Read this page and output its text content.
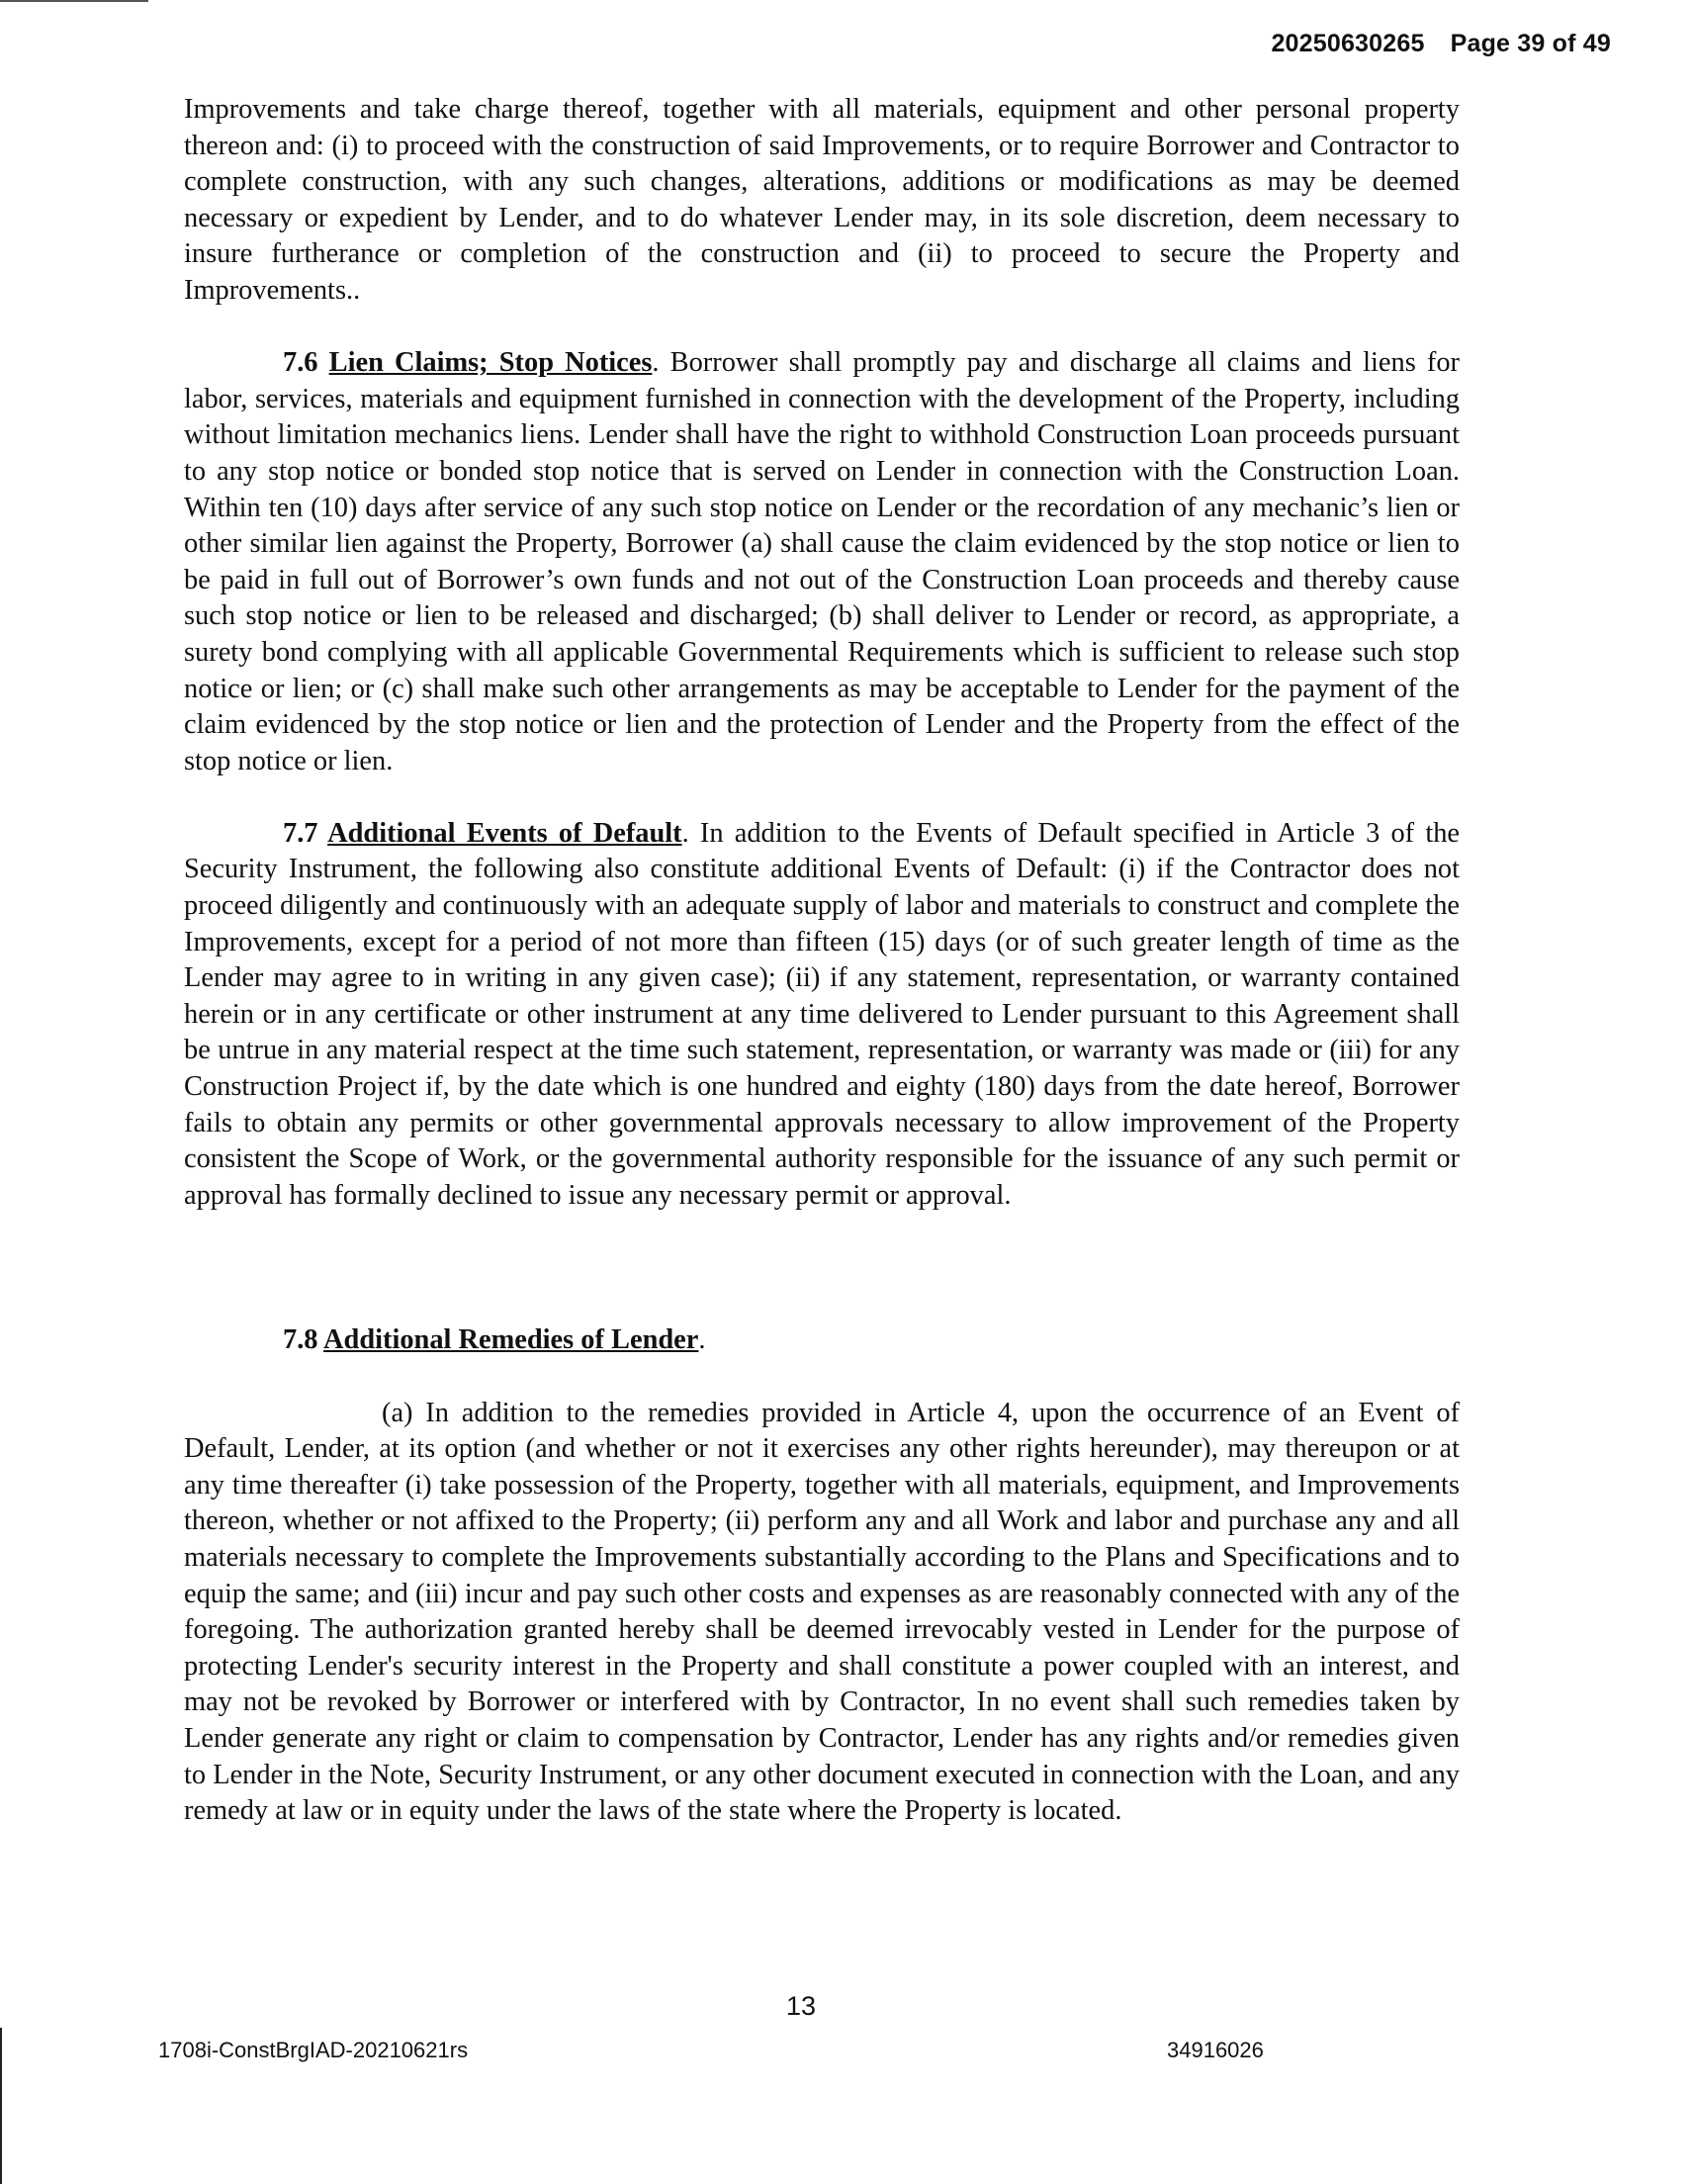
20250630265 Page 39 of 49

Improvements and take charge thereof, together with all materials, equipment and other personal property thereon and: (i) to proceed with the construction of said Improvements, or to require Borrower and Contractor to complete construction, with any such changes, alterations, additions or modifications as may be deemed necessary or expedient by Lender, and to do whatever Lender may, in its sole discretion, deem necessary to insure furtherance or completion of the construction and (ii) to proceed to secure the Property and Improvements..

7.6 Lien Claims; Stop Notices. Borrower shall promptly pay and discharge all claims and liens for labor, services, materials and equipment furnished in connection with the development of the Property, including without limitation mechanics liens. Lender shall have the right to withhold Construction Loan proceeds pursuant to any stop notice or bonded stop notice that is served on Lender in connection with the Construction Loan. Within ten (10) days after service of any such stop notice on Lender or the recordation of any mechanic’s lien or other similar lien against the Property, Borrower (a) shall cause the claim evidenced by the stop notice or lien to be paid in full out of Borrower’s own funds and not out of the Construction Loan proceeds and thereby cause such stop notice or lien to be released and discharged; (b) shall deliver to Lender or record, as appropriate, a surety bond complying with all applicable Governmental Requirements which is sufficient to release such stop notice or lien; or (c) shall make such other arrangements as may be acceptable to Lender for the payment of the claim evidenced by the stop notice or lien and the protection of Lender and the Property from the effect of the stop notice or lien.

7.7 Additional Events of Default. In addition to the Events of Default specified in Article 3 of the Security Instrument, the following also constitute additional Events of Default: (i) if the Contractor does not proceed diligently and continuously with an adequate supply of labor and materials to construct and complete the Improvements, except for a period of not more than fifteen (15) days (or of such greater length of time as the Lender may agree to in writing in any given case); (ii) if any statement, representation, or warranty contained herein or in any certificate or other instrument at any time delivered to Lender pursuant to this Agreement shall be untrue in any material respect at the time such statement, representation, or warranty was made or (iii) for any Construction Project if, by the date which is one hundred and eighty (180) days from the date hereof, Borrower fails to obtain any permits or other governmental approvals necessary to allow improvement of the Property consistent the Scope of Work, or the governmental authority responsible for the issuance of any such permit or approval has formally declined to issue any necessary permit or approval.

7.8 Additional Remedies of Lender.

(a) In addition to the remedies provided in Article 4, upon the occurrence of an Event of Default, Lender, at its option (and whether or not it exercises any other rights hereunder), may thereupon or at any time thereafter (i) take possession of the Property, together with all materials, equipment, and Improvements thereon, whether or not affixed to the Property; (ii) perform any and all Work and labor and purchase any and all materials necessary to complete the Improvements substantially according to the Plans and Specifications and to equip the same; and (iii) incur and pay such other costs and expenses as are reasonably connected with any of the foregoing. The authorization granted hereby shall be deemed irrevocably vested in Lender for the purpose of protecting Lender's security interest in the Property and shall constitute a power coupled with an interest, and may not be revoked by Borrower or interfered with by Contractor, In no event shall such remedies taken by Lender generate any right or claim to compensation by Contractor, Lender has any rights and/or remedies given to Lender in the Note, Security Instrument, or any other document executed in connection with the Loan, and any remedy at law or in equity under the laws of the state where the Property is located.

13
1708i-ConstBrgIAD-20210621rs	34916026
